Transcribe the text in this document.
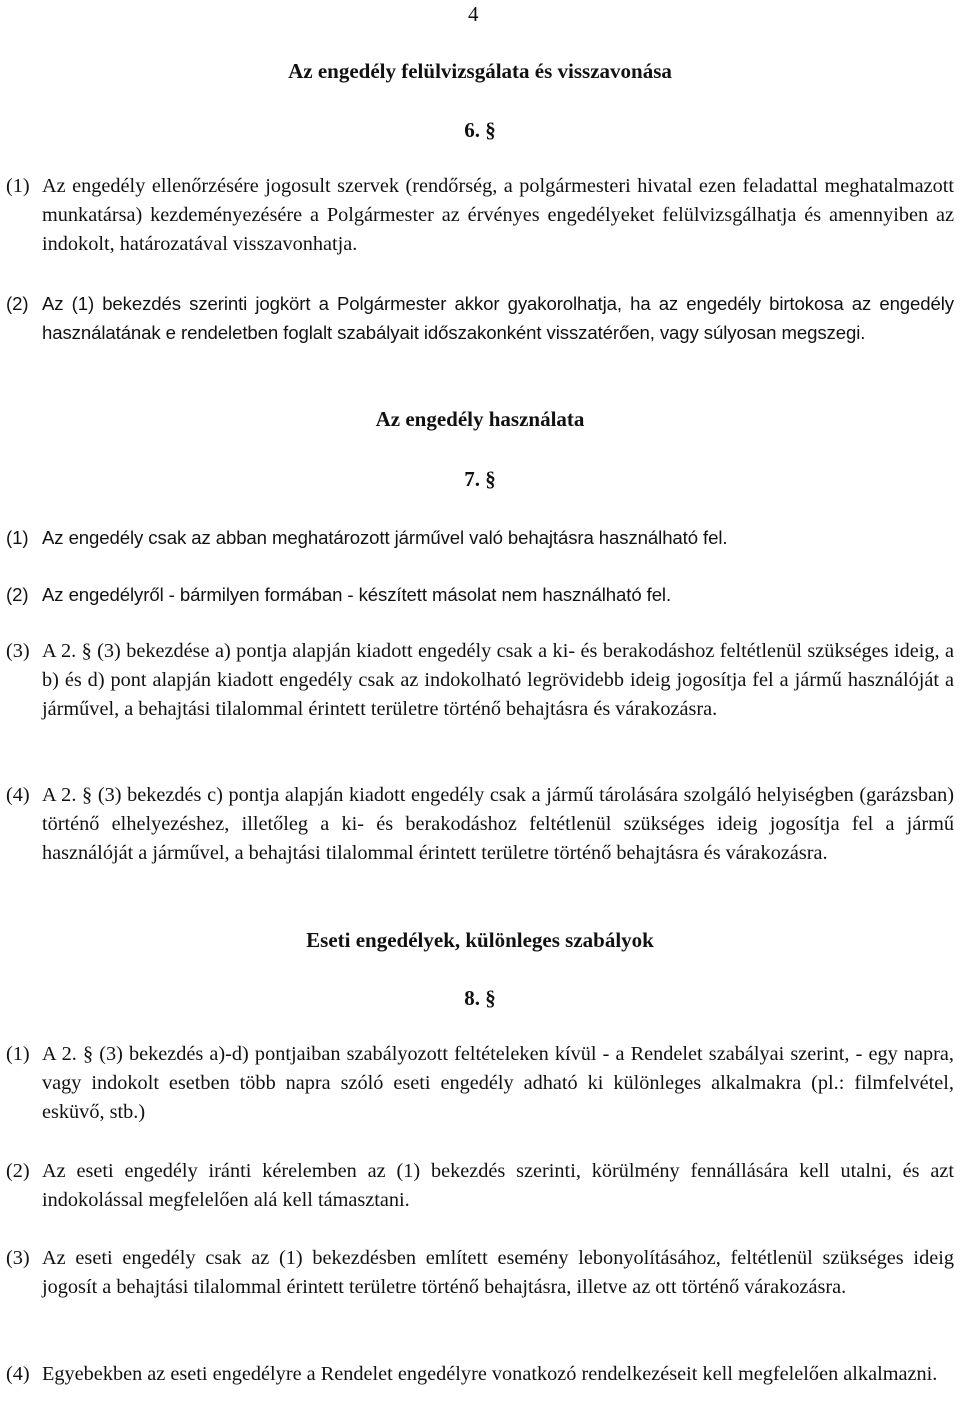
4
Az engedély felülvizsgálata és visszavonása
6. §
(1) Az engedély ellenőrzésére jogosult szervek (rendőrség, a polgármesteri hivatal ezen feladattal meghatalmazott munkatársa) kezdeményezésére a Polgármester az érvényes engedélyeket felülvizsgálhatja és amennyiben az indokolt, határozatával visszavonhatja.
(2) Az (1) bekezdés szerinti jogkört a Polgármester akkor gyakorolhatja, ha az engedély birtokosa az engedély használatának e rendeletben foglalt szabályait időszakonként visszatérően, vagy súlyosan megszegi.
Az engedély használata
7. §
(1) Az engedély csak az abban meghatározott járművel való behajtásra használható fel.
(2) Az engedélyről - bármilyen formában - készített másolat nem használható fel.
(3) A 2. § (3) bekezdése a) pontja alapján kiadott engedély csak a ki- és berakodáshoz feltétlenül szükséges ideig, a b) és d) pont alapján kiadott engedély csak az indokolható legrövidebb ideig jogosítja fel a jármű használóját a járművel, a behajtási tilalommal érintett területre történő behajtásra és várakozásra.
(4) A 2. § (3) bekezdés c) pontja alapján kiadott engedély csak a jármű tárolására szolgáló helyiségben (garázsban) történő elhelyezéshez, illetőleg a ki- és berakodáshoz feltétlenül szükséges ideig jogosítja fel a jármű használóját a járművel, a behajtási tilalommal érintett területre történő behajtásra és várakozásra.
Eseti engedélyek, különleges szabályok
8. §
(1) A 2. § (3) bekezdés a)-d) pontjaiban szabályozott feltételeken kívül - a Rendelet szabályai szerint, - egy napra, vagy indokolt esetben több napra szóló eseti engedély adható ki különleges alkalmakra (pl.: filmfelvétel, esküvő, stb.)
(2) Az eseti engedély iránti kérelemben az (1) bekezdés szerinti, körülmény fennállására kell utalni, és azt indokolással megfelelően alá kell támasztani.
(3) Az eseti engedély csak az (1) bekezdésben említett esemény lebonyolításához, feltétlenül szükséges ideig jogosít a behajtási tilalommal érintett területre történő behajtásra, illetve az ott történő várakozásra.
(4) Egyebekben az eseti engedélyre a Rendelet engedélyre vonatkozó rendelkezéseit kell megfelelően alkalmazni.
